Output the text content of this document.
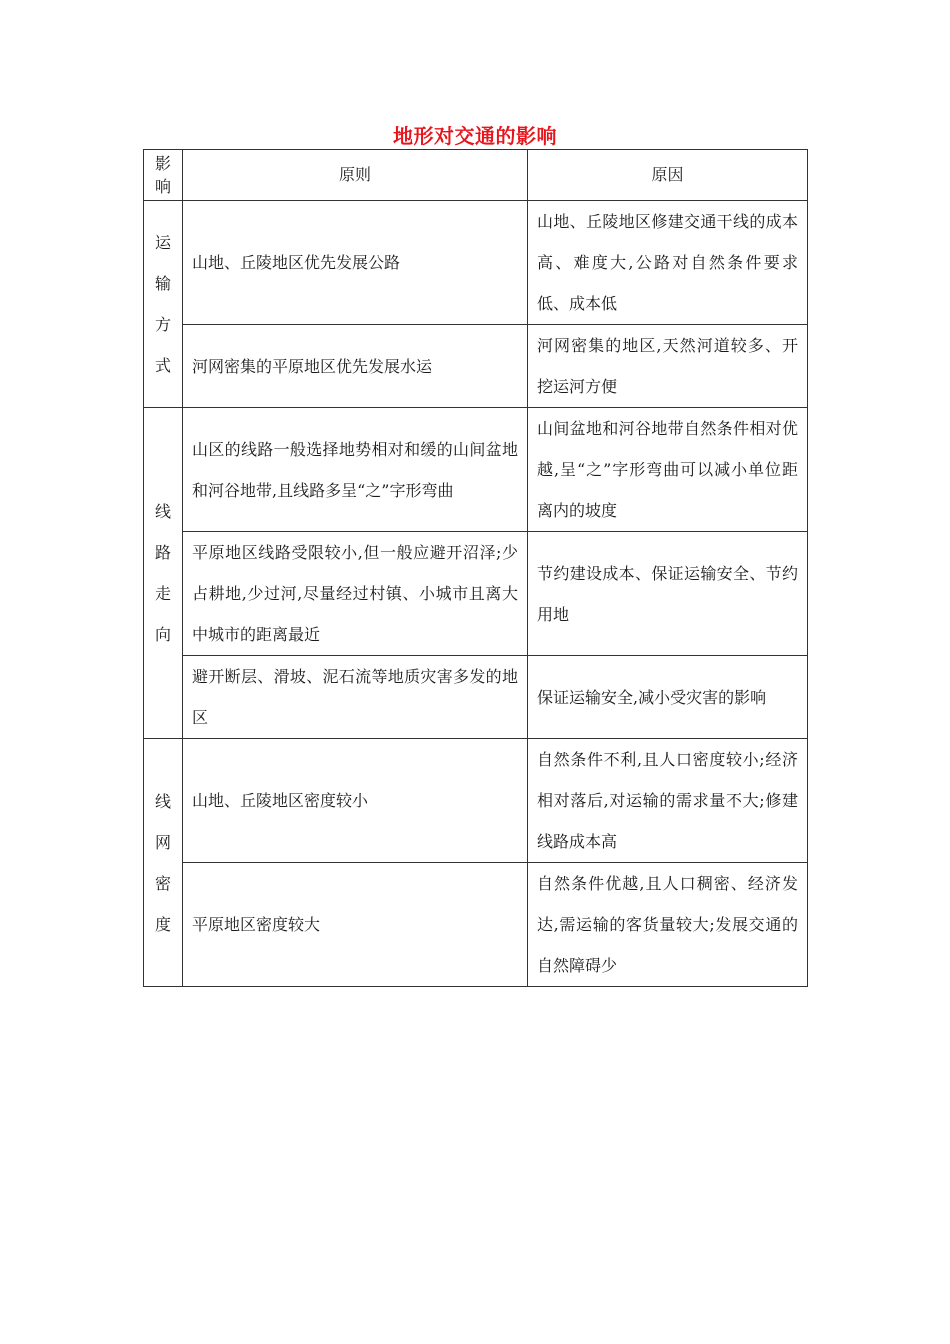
地形对交通的影响
影响	原则	原因
运输方式	山地、丘陵地区优先发展公路	山地、丘陵地区修建交通干线的成本高、难度大,公路对自然条件要求低、成本低
	河网密集的平原地区优先发展水运	河网密集的地区,天然河道较多、开挖运河方便
线路走向	山区的线路一般选择地势相对和缓的山间盆地和河谷地带,且线路多呈“之”字形弯曲	山间盆地和河谷地带自然条件相对优越,呈“之”字形弯曲可以减小单位距离内的坡度
	平原地区线路受限较小,但一般应避开沼泽;少占耕地,少过河,尽量经过村镇、小城市且离大中城市的距离最近	节约建设成本、保证运输安全、节约用地
	避开断层、滑坡、泥石流等地质灾害多发的地区	保证运输安全,减小受灾害的影响
线网密度	山地、丘陵地区密度较小	自然条件不利,且人口密度较小;经济相对落后,对运输的需求量不大;修建线路成本高
	平原地区密度较大	自然条件优越,且人口稠密、经济发达,需运输的客货量较大;发展交通的自然障碍少
